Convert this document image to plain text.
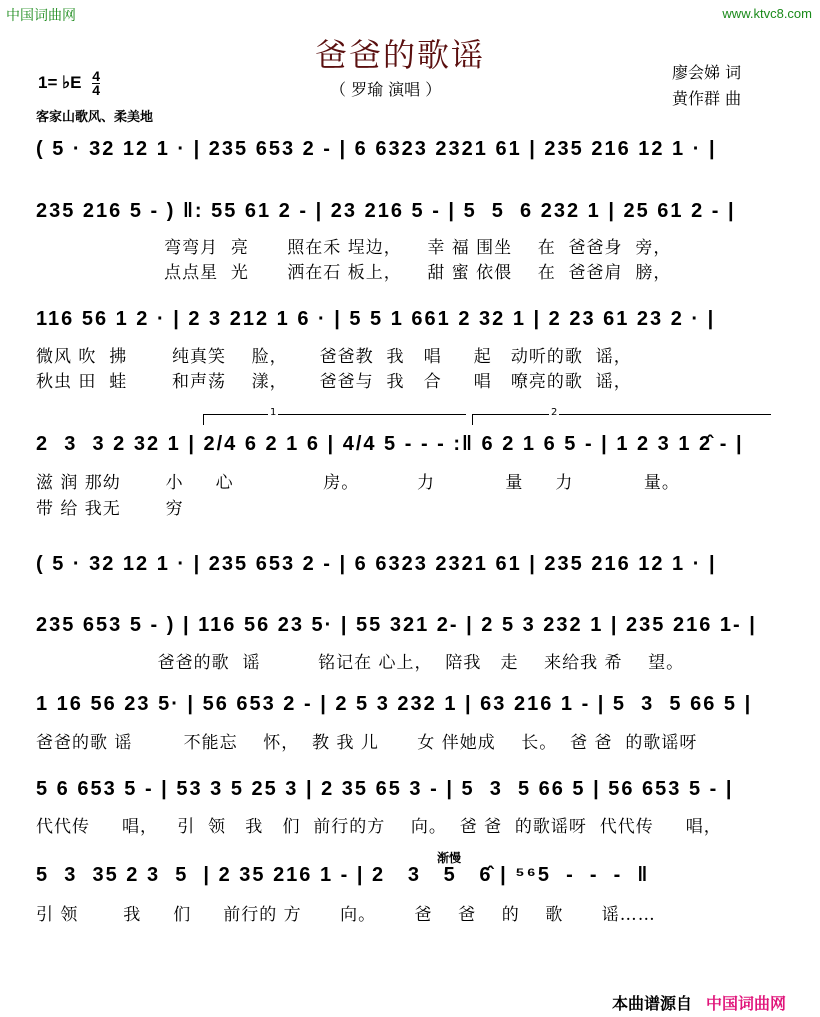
中国词曲网	www.ktvc8.com
爸爸的歌谣
（ 罗瑜 演唱 ）
廖会娣 词
黄作群 曲
1= ♭E $\frac{4}{4}$
客家山歌风、柔美地
( 5 · 32 12 1 · | 235 653 2 - | 6 6323 2321 61 | 235 216 12 1 · |
235 216 5 - ) ‖: 55 61 2 - | 23 216 5 - | 5  5  6 232 1 | 25 61 2 - |
弯弯月  亮      照在禾 埕边，    幸 福 围坐    在  爸爸身  旁，
点点星  光      洒在石 板上，    甜 蜜 依偎    在  爸爸肩  膀，
116 56 1 2 · | 2 3 212 1 6 · | 5 5 1 661 2 32 1 | 2 23 61 23 2 · |
微风 吹  拂       纯真笑    脸，     爸爸教  我   唱     起   动听的歌  谣，
秋虫 田  蛙       和声荡    漾，     爸爸与  我   合     唱   嘹亮的歌  谣，
1	2
2  3  3 2 32 1 | 2/4 6 2 1 6 | 4/4 5 - - - :‖ 6 2 1 6 5 - | 1 2 3 1 2̂ - |
滋 润 那幼       小     心              房。         力           量     力           量。
带 给 我无       穷
( 5 · 32 12 1 · | 235 653 2 - | 6 6323 2321 61 | 235 216 12 1 · |
235 653 5 - ) | 116 56 23 5· | 55 321 2- | 2 5 3 232 1 | 235 216 1- |
爸爸的歌  谣         铭记在 心上，  陪我   走    来给我 希    望。
1 16 56 23 5· | 56 653 2 - | 2 5 3 232 1 | 63 216 1 - | 5  3  5 66 5 |
爸爸的歌 谣        不能忘    怀，  教 我 儿      女 伴她成    长。  爸 爸  的歌谣呀
5 6 653 5 - | 53 3 5 25 3 | 2 35 65 3 - | 5  3  5 66 5 | 56 653 5 - |
代代传     唱，   引  领   我   们  前行的方    向。  爸 爸  的歌谣呀  代代传     唱，
渐慢
5  3  35 2 3  5  | 2 35 216 1 - | 2   3   5   6̂ | ⁵⁶5  -  -  -  ‖
引 领       我     们     前行的 方      向。      爸    爸    的    歌      谣……
本曲谱源自 中国词曲网
